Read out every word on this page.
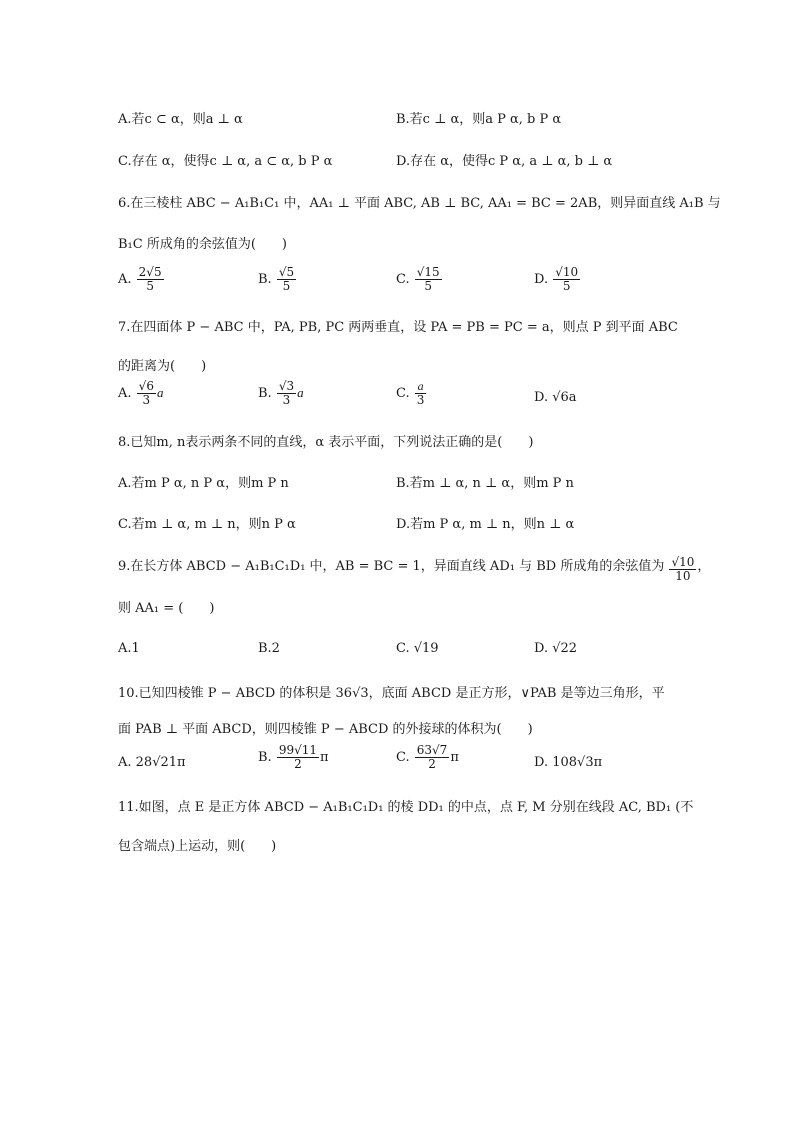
A.若c ⊂ α，则a ⊥ α	B.若c ⊥ α，则a P α, b P α
C.存在 α，使得c ⊥ α, a ⊂ α, b P α	D.存在 α，使得c P α, a ⊥ α, b ⊥ α
6.在三棱柱 ABC − A₁B₁C₁ 中，AA₁ ⊥ 平面 ABC, AB ⊥ BC, AA₁ = BC = 2AB，则异面直线 A₁B 与
B₁C 所成角的余弦值为(　　)
A. $\frac{2√5}{5}$	B. $\frac{√5}{5}$	C. $\frac{√15}{5}$	D. $\frac{√10}{5}$
7.在四面体 P − ABC 中，PA, PB, PC 两两垂直，设 PA = PB = PC = a，则点 P 到平面 ABC
的距离为(　　)
A. $\frac{√6}{3}$ a	B. $\frac{√3}{3}$ a	C. $\frac{a}{3}$	D. √6a
8.已知m, n表示两条不同的直线，α 表示平面，下列说法正确的是(　　)
A.若m P α, n P α，则m P n	B.若m ⊥ α, n ⊥ α，则m P n
C.若m ⊥ α, m ⊥ n，则n P α	D.若m P α, m ⊥ n，则n ⊥ α
9.在长方体 ABCD − A₁B₁C₁D₁ 中，AB = BC = 1，异面直线 AD₁ 与 BD 所成角的余弦值为 $\frac{√10}{10}$ ，
则 AA₁ = (　　)
A.1	B.2	C. √19	D. √22
10.已知四棱锥 P − ABCD 的体积是 36√3，底面 ABCD 是正方形，∨PAB 是等边三角形，平
面 PAB ⊥ 平面 ABCD，则四棱锥 P − ABCD 的外接球的体积为(　　)
A. 28√21π	B. $\frac{99√11}{2}$ π	C. $\frac{63√7}{2}$ π	D. 108√3π
11.如图，点 E 是正方体 ABCD − A₁B₁C₁D₁ 的棱 DD₁ 的中点，点 F, M 分别在线段 AC, BD₁ (不
包含端点)上运动，则(　　)
